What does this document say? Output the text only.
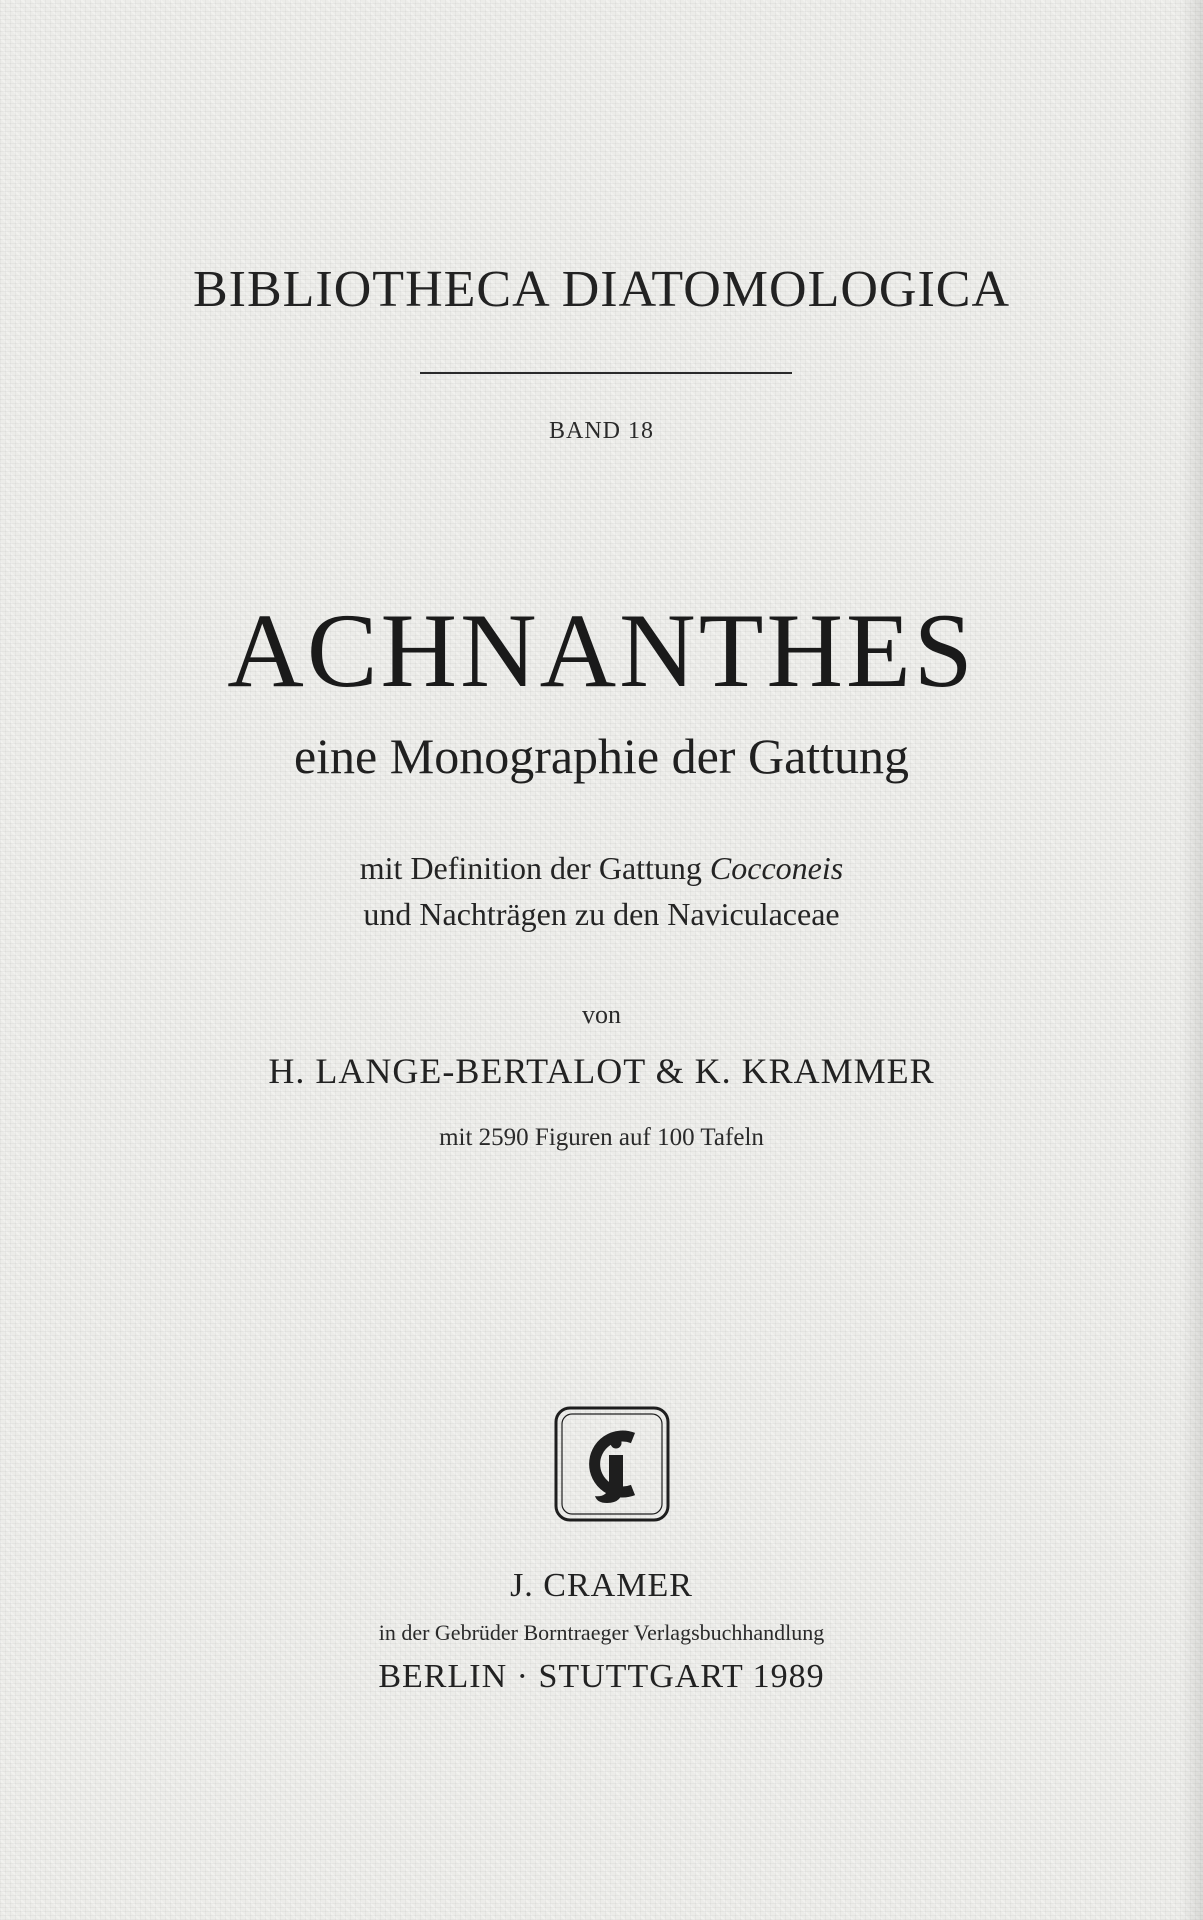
BIBLIOTHECA DIATOMOLOGICA
BAND 18
ACHNANTHES
eine Monographie der Gattung
mit Definition der Gattung Cocconeis
und Nachträgen zu den Naviculaceae
von
H. LANGE-BERTALOT & K. KRAMMER
mit 2590 Figuren auf 100 Tafeln
J. CRAMER
in der Gebrüder Borntraeger Verlagsbuchhandlung
BERLIN · STUTTGART 1989
